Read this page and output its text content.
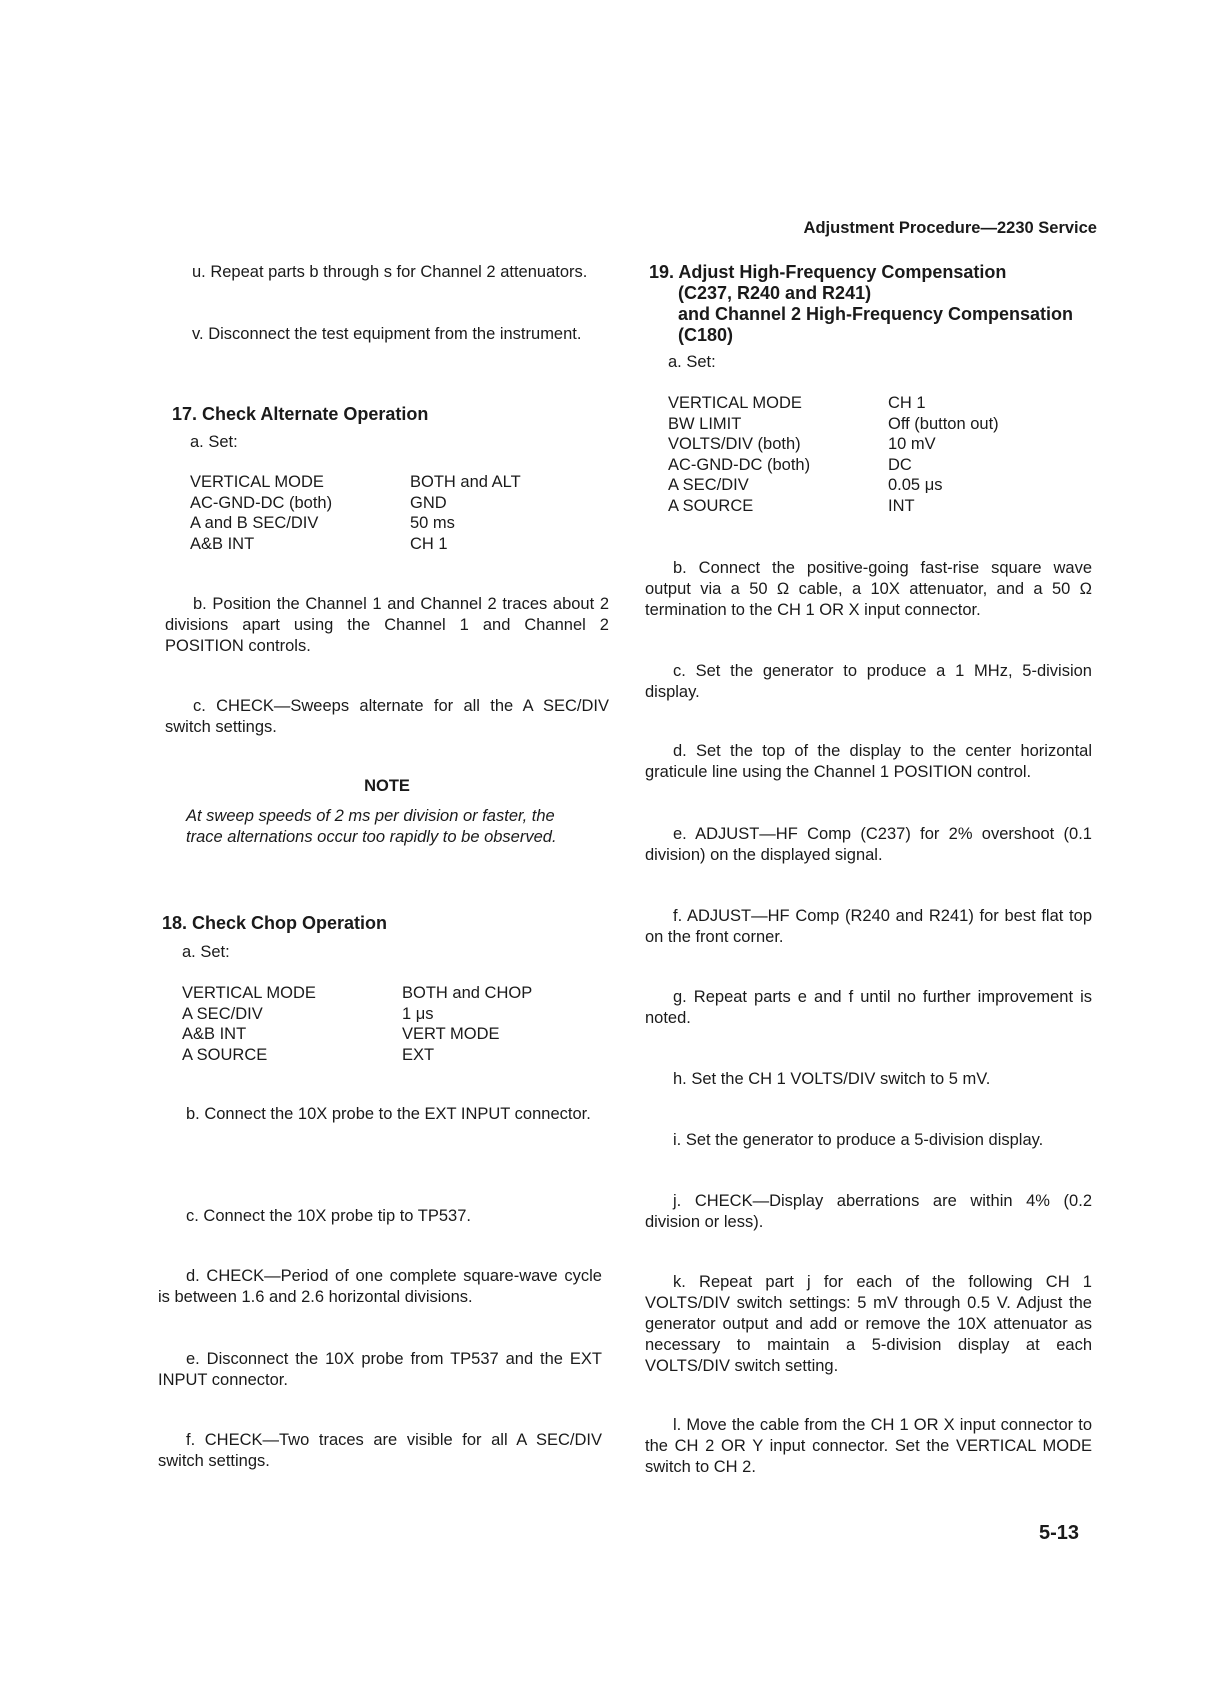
Adjustment Procedure—2230 Service
u. Repeat parts b through s for Channel 2 attenuators.
v. Disconnect the test equipment from the instrument.
17. Check Alternate Operation
a. Set:
VERTICAL MODE	BOTH and ALT
AC-GND-DC (both)	GND
A and B SEC/DIV	50 ms
A&B INT	CH 1
b. Position the Channel 1 and Channel 2 traces about 2 divisions apart using the Channel 1 and Channel 2 POSITION controls.
c. CHECK—Sweeps alternate for all the A SEC/DIV switch settings.
NOTE
At sweep speeds of 2 ms per division or faster, the trace alternations occur too rapidly to be observed.
18. Check Chop Operation
a. Set:
VERTICAL MODE	BOTH and CHOP
A SEC/DIV	1 μs
A&B INT	VERT MODE
A SOURCE	EXT
b. Connect the 10X probe to the EXT INPUT connector.
c. Connect the 10X probe tip to TP537.
d. CHECK—Period of one complete square-wave cycle is between 1.6 and 2.6 horizontal divisions.
e. Disconnect the 10X probe from TP537 and the EXT INPUT connector.
f. CHECK—Two traces are visible for all A SEC/DIV switch settings.
19. Adjust High-Frequency Compensation
(C237, R240 and R241)
and Channel 2 High-Frequency Compensation
(C180)
a. Set:
VERTICAL MODE	CH 1
BW LIMIT	Off (button out)
VOLTS/DIV (both)	10 mV
AC-GND-DC (both)	DC
A SEC/DIV	0.05 μs
A SOURCE	INT
b. Connect the positive-going fast-rise square wave output via a 50 Ω cable, a 10X attenuator, and a 50 Ω termination to the CH 1 OR X input connector.
c. Set the generator to produce a 1 MHz, 5-division display.
d. Set the top of the display to the center horizontal graticule line using the Channel 1 POSITION control.
e. ADJUST—HF Comp (C237) for 2% overshoot (0.1 division) on the displayed signal.
f. ADJUST—HF Comp (R240 and R241) for best flat top on the front corner.
g. Repeat parts e and f until no further improvement is noted.
h. Set the CH 1 VOLTS/DIV switch to 5 mV.
i. Set the generator to produce a 5-division display.
j. CHECK—Display aberrations are within 4% (0.2 division or less).
k. Repeat part j for each of the following CH 1 VOLTS/DIV switch settings: 5 mV through 0.5 V. Adjust the generator output and add or remove the 10X attenuator as necessary to maintain a 5-division display at each VOLTS/DIV switch setting.
l. Move the cable from the CH 1 OR X input connector to the CH 2 OR Y input connector. Set the VERTICAL MODE switch to CH 2.
5-13
